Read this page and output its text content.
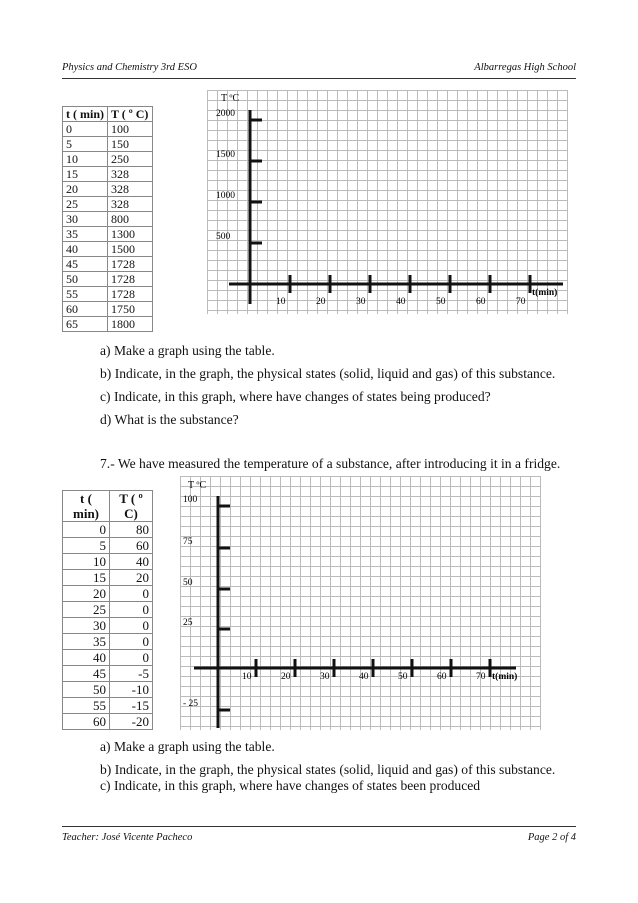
Physics and Chemistry 3rd ESO	Albarregas High School
t ( min)	T ( º C)
0	100
5	150
10	250
15	328
20	328
25	328
30	800
35	1300
40	1500
45	1728
50	1728
55	1728
60	1750
65	1800
T ºC
2000
1500
1000
500
10	20	30	40	50	60	70
t(min)
a) Make a graph using the table.
b) Indicate, in the graph, the physical states (solid, liquid and gas) of this substance.
c) Indicate, in this graph, where have changes of states being produced?
d) What is the substance?
7.- We have measured the temperature of a substance, after introducing it in a fridge.
t ( min)	T ( º C)
0	80
5	60
10	40
15	20
20	0
25	0
30	0
35	0
40	0
45	-5
50	-10
55	-15
60	-20
T ºC
100
75
50
25
- 25
10	20	30	40	50	60	70 t(min)
a) Make a graph using the table.
b) Indicate, in the graph, the physical states (solid, liquid and gas) of this substance.
c) Indicate, in this graph, where have changes of states been produced
Teacher: José Vicente Pacheco	Page 2 of 4
